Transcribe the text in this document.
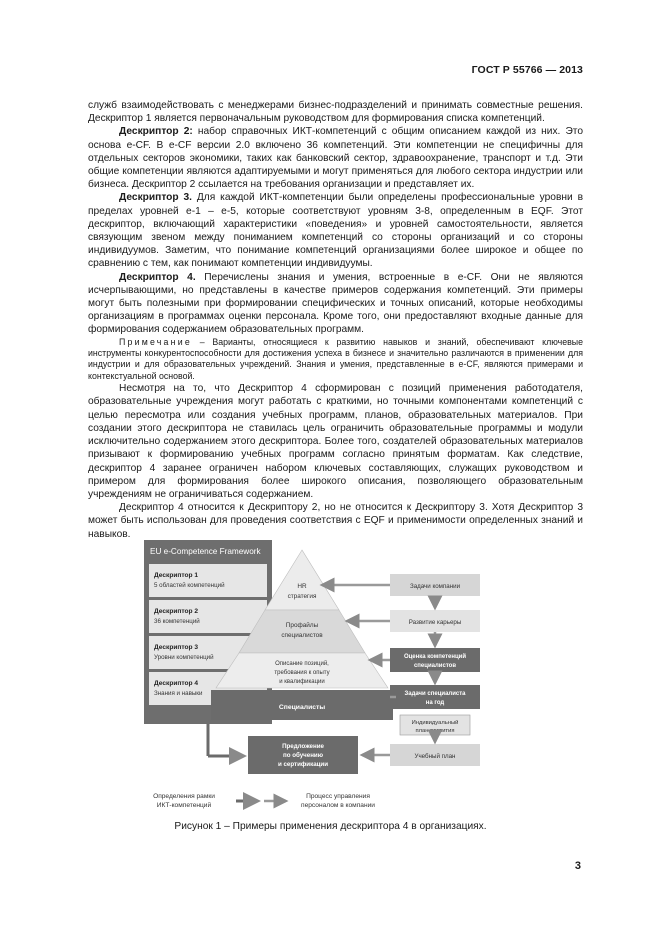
ГОСТ Р 55766 — 2013

служб взаимодействовать с менеджерами бизнес-подразделений и принимать совместные решения. Дескриптор 1 является первоначальным руководством для формирования списка компетенций.

Дескриптор 2: набор справочных ИКТ-компетенций с общим описанием каждой из них. Это основа e-CF. В e-CF версии 2.0 включено 36 компетенций. Эти компетенции не специфичны для отдельных секторов экономики, таких как банковский сектор, здравоохранение, транспорт и т.д. Эти общие компетенции являются адаптируемыми и могут применяться для любого сектора индустрии или бизнеса. Дескриптор 2 ссылается на требования организации и представляет их.

Дескриптор 3. Для каждой ИКТ-компетенции были определены профессиональные уровни в пределах уровней e-1 – e-5, которые соответствуют уровням 3-8, определенным в EQF. Этот дескриптор, включающий характеристики «поведения» и уровней самостоятельности, является связующим звеном между пониманием компетенций со стороны организаций и со стороны индивидуумов. Заметим, что понимание компетенций организациями более широкое и общее по сравнению с тем, как понимают компетенции индивидуумы.

Дескриптор 4. Перечислены знания и умения, встроенные в e-CF. Они не являются исчерпывающими, но представлены в качестве примеров содержания компетенций. Эти примеры могут быть полезными при формировании специфических и точных описаний, которые необходимы организациям в программах оценки персонала. Кроме того, они предоставляют входные данные для формирования содержанием образовательных программ.

Примечание – Варианты, относящиеся к развитию навыков и знаний, обеспечивают ключевые инструменты конкурентоспособности для достижения успеха в бизнесе и значительно различаются в применении для индустрии и для образовательных учреждений. Знания и умения, представленные в e-CF, являются примерами и контекстуальной основой.

Несмотря на то, что Дескриптор 4 сформирован с позиций применения работодателя, образовательные учреждения могут работать с краткими, но точными компонентами компетенций с целью пересмотра или создания учебных программ, планов, образовательных материалов. При создании этого дескриптора не ставилась цель ограничить образовательные программы и модули исключительно содержанием этого дескриптора. Более того, создателей образовательных материалов призывают к формированию учебных программ согласно принятым форматам. Как следствие, дескриптор 4 заранее ограничен набором ключевых составляющих, служащих руководством и примером для формирования более широкого описания, позволяющего образовательным учреждениям не ограничиваться содержанием.

Дескриптор 4 относится к Дескриптору 2, но не относится к Дескриптору 3. Хотя Дескриптор 3 может быть использован для проведения соответствия с EQF и применимости определенных знаний и навыков.

EU e-Competence Framework
Дескриптор 1
5 областей компетенций
Дескриптор 2
36 компетенций
Дескриптор 3
Уровни компетенций
Дескриптор 4
Знания и навыки
HR
стратегия
Профайлы
специалистов
Описание позиций,
требования к опыту
и квалификации
Специалисты
Предложение
по обучению
и сертификации
Задачи компании
Развитие карьеры
Оценка компетенций
специалистов
Задачи специалиста
на год
Индивидуальный
план развития
Учебный план
Определения рамки
ИКТ-компетенций
Процесс управления
персоналом в компании
Рисунок 1 – Примеры применения дескриптора 4 в организациях.
3
